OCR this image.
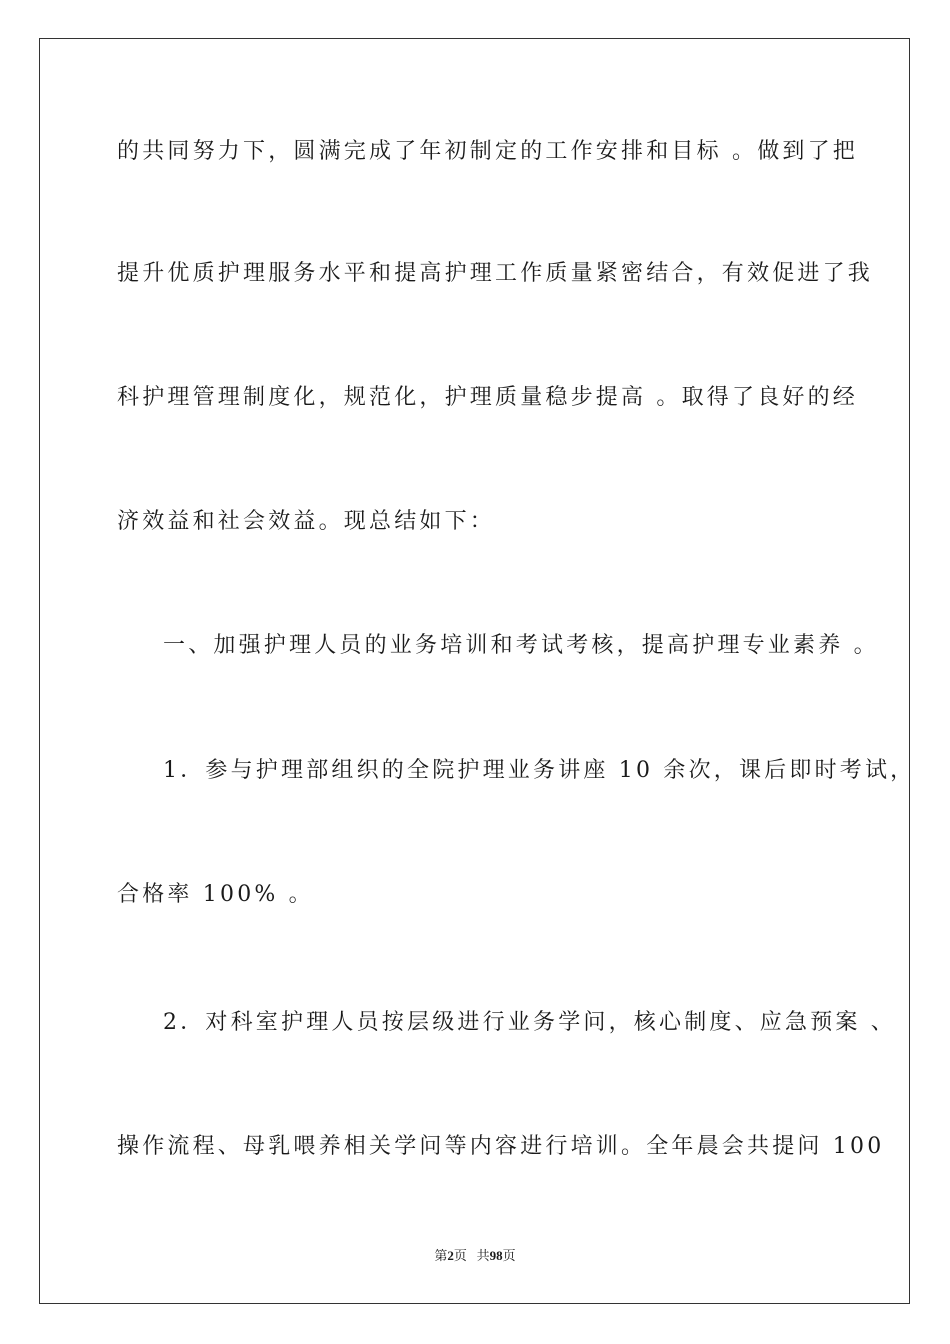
的共同努力下，圆满完成了年初制定的工作安排和目标 。做到了把
提升优质护理服务水平和提高护理工作质量紧密结合，有效促进了我
科护理管理制度化，规范化，护理质量稳步提高 。取得了良好的经
济效益和社会效益。现总结如下：
一、加强护理人员的业务培训和考试考核，提高护理专业素养 。
1．参与护理部组织的全院护理业务讲座 10 余次，课后即时考试，
合格率 100% 。
2．对科室护理人员按层级进行业务学问，核心制度、应急预案 、
操作流程、母乳喂养相关学问等内容进行培训。全年晨会共提问 100
第2页 共98页
